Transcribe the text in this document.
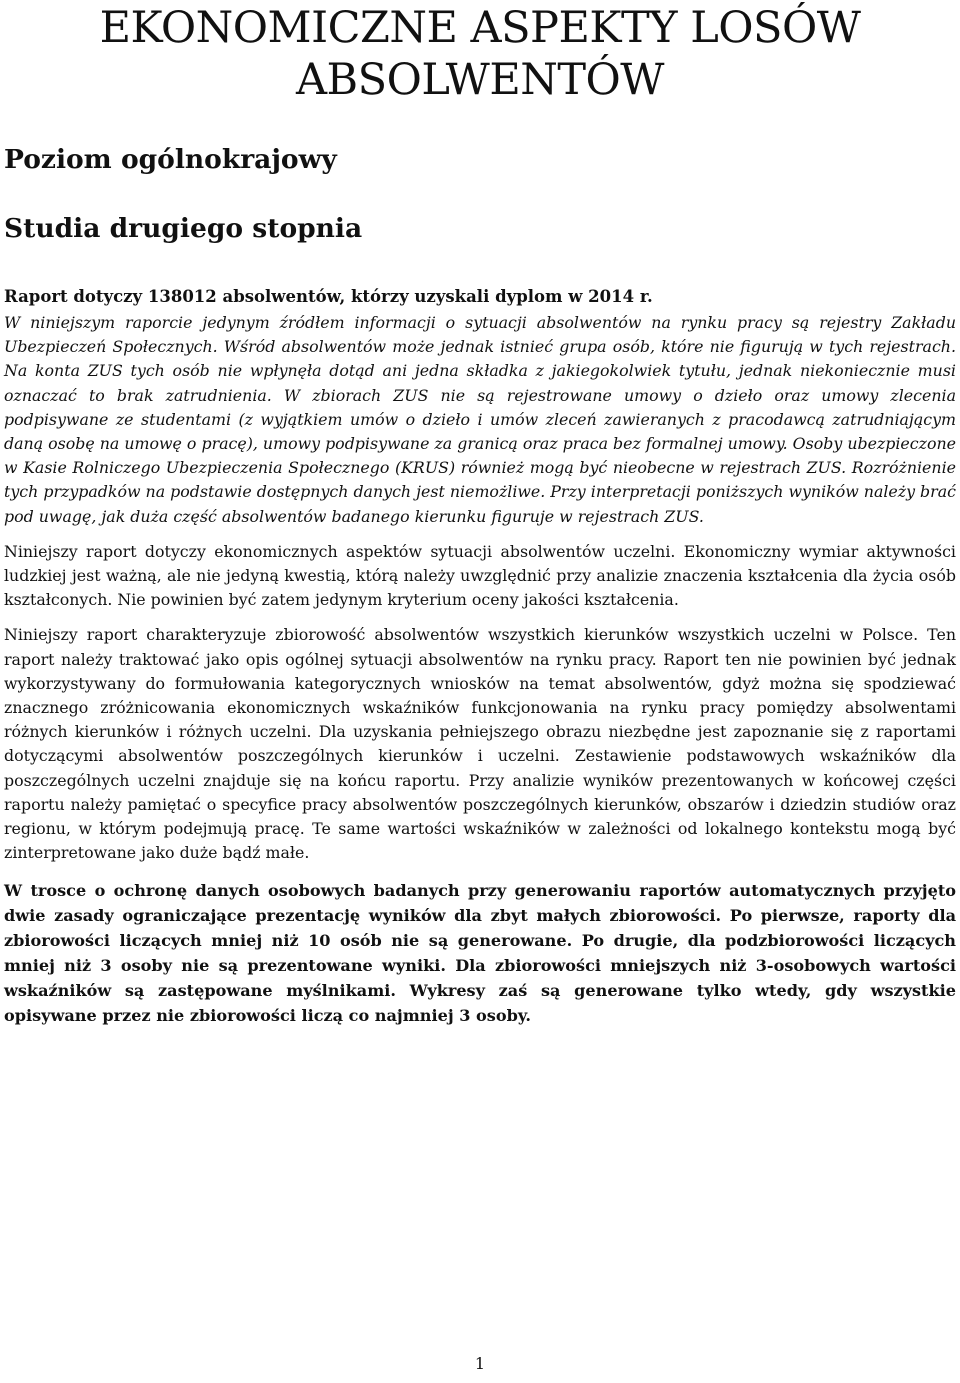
EKONOMICZNE ASPEKTY LOSÓW ABSOLWENTÓW
Poziom ogólnokrajowy
Studia drugiego stopnia
Raport dotyczy 138012 absolwentów, którzy uzyskali dyplom w 2014 r.

W niniejszym raporcie jedynym źródłem informacji o sytuacji absolwentów na rynku pracy są rejestry Zakładu Ubezpieczeń Społecznych. Wśród absolwentów może jednak istnieć grupa osób, które nie figurują w tych rejestrach. Na konta ZUS tych osób nie wpłynęła dotąd ani jedna składka z jakiegokolwiek tytułu, jednak niekoniecznie musi oznaczać to brak zatrudnienia. W zbiorach ZUS nie są rejestrowane umowy o dzieło oraz umowy zlecenia podpisywane ze studentami (z wyjątkiem umów o dzieło i umów zleceń zawieranych z pracodawcą zatrudniającym daną osobę na umowę o pracę), umowy podpisywane za granicą oraz praca bez formalnej umowy. Osoby ubezpieczone w Kasie Rolniczego Ubezpieczenia Społecznego (KRUS) również mogą być nieobecne w rejestrach ZUS. Rozróżnienie tych przypadków na podstawie dostępnych danych jest niemożliwe. Przy interpretacji poniższych wyników należy brać pod uwagę, jak duża część absolwentów badanego kierunku figuruje w rejestrach ZUS.

Niniejszy raport dotyczy ekonomicznych aspektów sytuacji absolwentów uczelni. Ekonomiczny wymiar aktywności ludzkiej jest ważną, ale nie jedyną kwestią, którą należy uwzględnić przy analizie znaczenia kształcenia dla życia osób kształconych. Nie powinien być zatem jedynym kryterium oceny jakości kształcenia.

Niniejszy raport charakteryzuje zbiorowość absolwentów wszystkich kierunków wszystkich uczelni w Polsce. Ten raport należy traktować jako opis ogólnej sytuacji absolwentów na rynku pracy. Raport ten nie powinien być jednak wykorzystywany do formułowania kategorycznych wniosków na temat absolwentów, gdyż można się spodziewać znacznego zróżnicowania ekonomicznych wskaźników funkcjonowania na rynku pracy pomiędzy absolwentami różnych kierunków i różnych uczelni. Dla uzyskania pełniejszego obrazu niezbędne jest zapoznanie się z raportami dotyczącymi absolwentów poszczególnych kierunków i uczelni. Zestawienie podstawowych wskaźników dla poszczególnych uczelni znajduje się na końcu raportu. Przy analizie wyników prezentowanych w końcowej części raportu należy pamiętać o specyfice pracy absolwentów poszczególnych kierunków, obszarów i dziedzin studiów oraz regionu, w którym podejmują pracę. Te same wartości wskaźników w zależności od lokalnego kontekstu mogą być zinterpretowane jako duże bądź małe.

W trosce o ochronę danych osobowych badanych przy generowaniu raportów automatycznych przyjęto dwie zasady ograniczające prezentację wyników dla zbyt małych zbiorowości. Po pierwsze, raporty dla zbiorowości liczących mniej niż 10 osób nie są generowane. Po drugie, dla podzbiorowości liczących mniej niż 3 osoby nie są prezentowane wyniki. Dla zbiorowości mniejszych niż 3-osobowych wartości wskaźników są zastępowane myślnikami. Wykresy zaś są generowane tylko wtedy, gdy wszystkie opisywane przez nie zbiorowości liczą co najmniej 3 osoby.

1
